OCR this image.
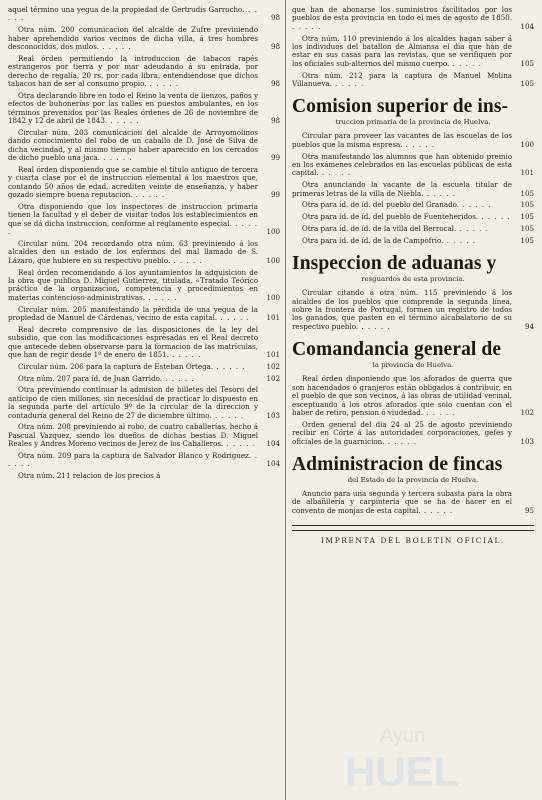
aquel término una yegua de la propiedad de Gertrudis Garrocho. . . . . .	98
Otra núm. 200 comunicacion del alcalde de Zufre previniendo haber aprehendido varios vecinos de dicha villa, á tres hombres desconocidos, dos mulos. . . . . .	98
Real órden permitiendo la introduccion de tabacos rapés estrangeros por tierra y por mar adeudando á su entrada, por derecho de regalía, 20 rs. por cada libra, entendiéndose que dichos tabacos han de ser al consumo propio. . . . . .	98
Otra declarando libre en todo el Reino la venta de lienzos, paños y efectos de buhonerías por las calles en puestos ambulantes, en los términos prevenidos por las Reales órdenes de 26 de noviembre de 1842 y 12 de abril de 1843. . . . . .	98
Circular núm. 203 comunicacion del alcalde de Arroyomolinos dando conocimiento del robo de un caballo de D. José de Silva de dicha vecindad, y al mismo tiempo haber aparecido en los cercados de dicho pueblo una jaca. . . . . .	99
Real órden disponiendo que se cambie el título antiguo de tercera y cuarta clase por el de instruccion elemental á los maestros que, contando 50 años de edad, acrediten veinte de enseñanza, y haber gozado siempre buena reputacion. . . . . .	99
Otra disponiendo que los inspectores de instruccion primaria tienen la facultad y el deber de visitar todos los establecimientos en que se dá dicha instruccion, conforme al reglamento especial. . . . . .	100
Circular núm. 204 recordando otra núm. 63 previniendo á los alcaldes den un estado de los enfermos del mal llamado de S. Lázaro, que hubiere en su respectivo pueblo. . . . . .	100
Real órden recomendando á los ayuntamientos la adquisicion de la obra que publica D. Miguel Gutierrez, titulada, «Tratado Teórico práctico de la organizacion, competencia y procedimientos en materias contencioso-administrativas. . . . . .	100
Circular núm. 205 manifestando la pérdida de una yegua de la propiedad de Manuel de Cárdenas, vecino de esta capital. . . . . . 101
Real decreto comprensivo de las disposiciones de la ley del subsidio, que con las modificaciones espresadas en el Real decreto que antecede deben observarse para la formacion de las matrículas, que han de regir desde 1º de enero de 1851. . . . . .	101
Circular núm. 206 para la captura de Esteban Ortega. . . . . .	102
Otra núm. 207 para íd. de Juan Garrido. . . . . .	102
Otra previniendo continuar la admision de billetes del Tesoro del anticipo de cien millones, sin necesidad de practicar lo dispuesto en la segunda parte del artículo 9º de la circular de la direccion y contaduría general del Reino de 27 de diciembre último. . . . . .	103
Otra núm. 208 previniendo al robo, de cuatro caballerías, hecho á Pascual Vazquez, siendo los dueños de dichas bestias D. Miguel Reales y Andres Moreno vecinos de Jerez de los Caballeros. . . . . . 104
Otra núm. 209 para la captura de Salvador Blanco y Rodriguez. . . . . .	104
Otra núm. 211 relacion de los precios á
que han de abonarse los suministros facilitados por los pueblos de esta provincia en todo el mes de agosto de 1850. . . . . .	104
Otra núm. 110 previniendo á los alcaldes hagan saber á los individuos del batallon de Almansa el dia que han de estar en sus casas para las revistas, que se verifiquen por los oficiales sub-alternos del mismo cuerpo. . . . . .	105
Otra núm. 212 para la captura de Manuel Molina Villanueva. . . . . .	105
Comision superior de ins-
truccion primaria de la provincia de Huelva.
Circular para proveer las vacantes de las escuelas de los pueblos que la misma espresa. . . . . .	100
Otra manifestando los alumnos que han obtenido premio en los exámenes celebrados en las escuelas públicas de esta capital. . . . . .	101
Otra anunciando la vacante de la escuela titular de primeras letras de la villa de Niebla. . . . . .	105
Otra para íd. de íd. del pueblo del Granado. . . . . .	105
Otra para íd. de íd. del pueblo de Fuenteheridos. . . . . . 105
Otra para íd. de íd. de la villa del Berrocal. . . . . .	105
Otra para íd. de íd. de la de Campofrío. . . . . .	105
Inspeccion de aduanas y
resguardos de esta provincia.
Circular citando á otra núm. 115 previniendo á los alcaldes de los pueblos que comprende la segunda línea, sobre la frontera de Portugal, formen un registro de todos los ganados, que pasten en el término alcabalatorio de su respectivo pueblo. . . . . .	94
Comandancia general de
la provincia de Huelva.
Real órden disponiendo que los aforados de guerra que son hacendados ó granjeros están obligados á contribuir, en el pueblo de que son vecinos, á las obras de utilidad vecinal, esceptuando á los otros aforados que solo cuentan con el haber de retiro, pension ó viudedad. . . . . .	102
Orden general del dia 24 al 25 de agosto previniendo recibir en Córte á las autoridades corporaciones, gefes y oficiales de la guarnicion. . . . . .	103
Administracion de fincas
del Estado de la provincia de Huelva.
Anuncio para una segunda y tercera subasta para la obra de albañilería y carpintería que se ha de hacer en el convento de monjas de esta capital. . . . . .	95
IMPRENTA DEL BOLETIN OFICIAL.
Ayun
HUEL
